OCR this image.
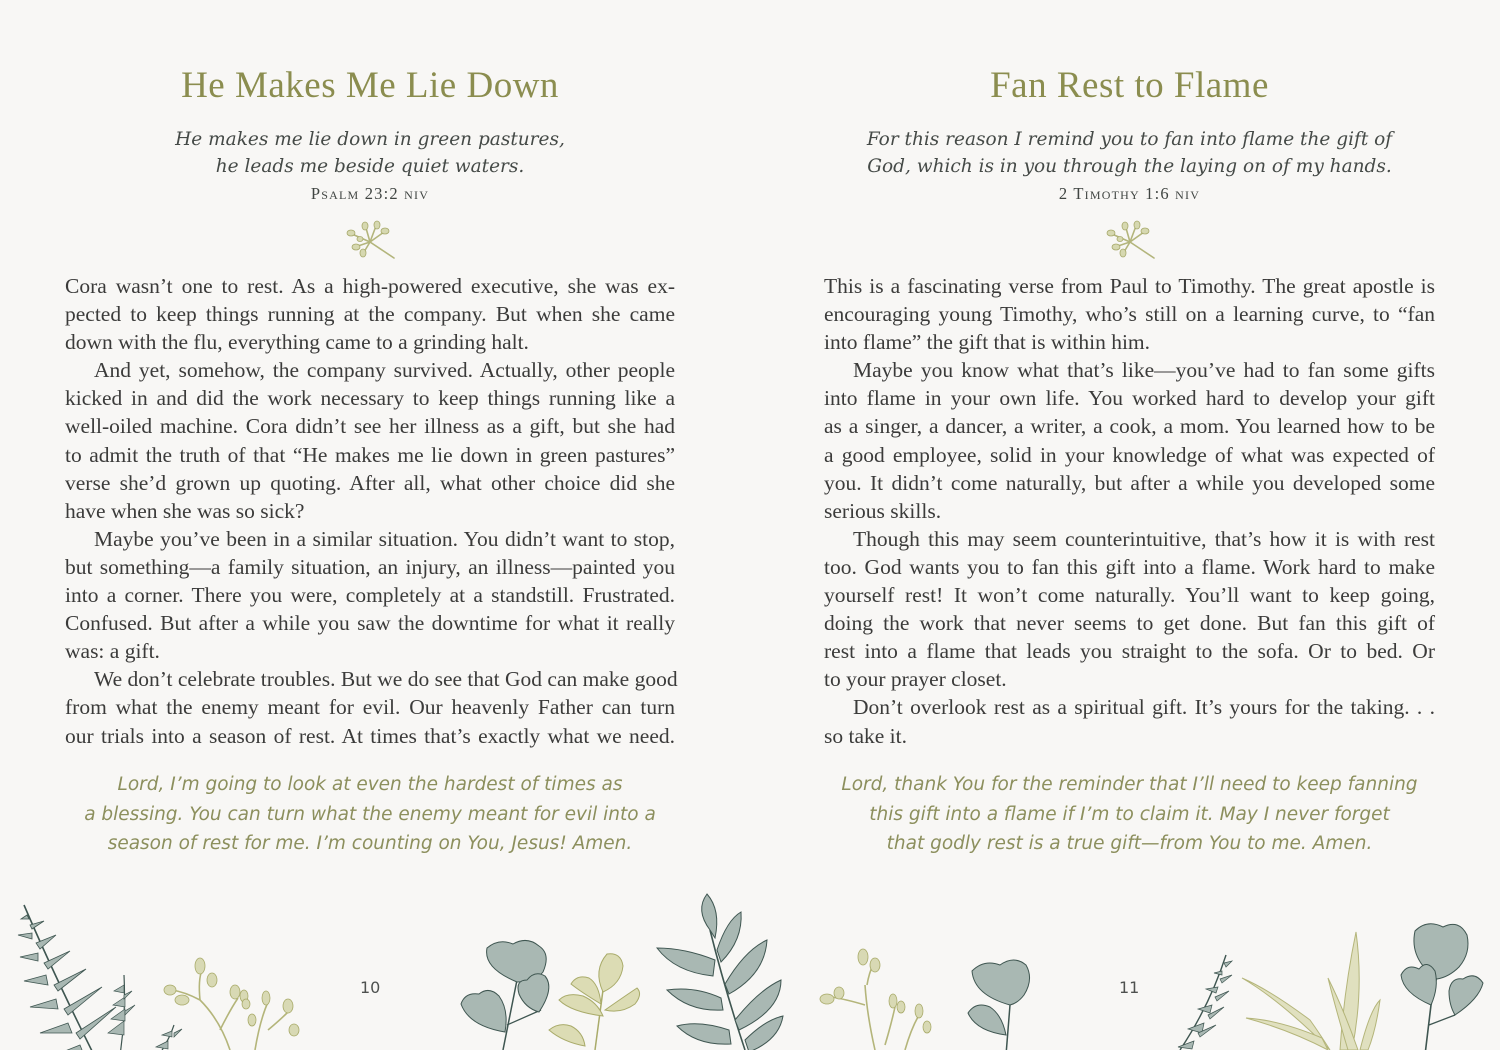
He Makes Me Lie Down
He makes me lie down in green pastures,
he leads me beside quiet waters.
Psalm 23:2 niv
Cora wasn’t one to rest. As a high-powered executive, she was ex-
pected to keep things running at the company. But when she came
down with the flu, everything came to a grinding halt.
And yet, somehow, the company survived. Actually, other people
kicked in and did the work necessary to keep things running like a
well-oiled machine. Cora didn’t see her illness as a gift, but she had
to admit the truth of that “He makes me lie down in green pastures”
verse she’d grown up quoting. After all, what other choice did she
have when she was so sick?
Maybe you’ve been in a similar situation. You didn’t want to stop,
but something—a family situation, an injury, an illness—painted you
into a corner. There you were, completely at a standstill. Frustrated.
Confused. But after a while you saw the downtime for what it really
was: a gift.
We don’t celebrate troubles. But we do see that God can make good
from what the enemy meant for evil. Our heavenly Father can turn
our trials into a season of rest. At times that’s exactly what we need.
Lord, I’m going to look at even the hardest of times as
a blessing. You can turn what the enemy meant for evil into a
season of rest for me. I’m counting on You, Jesus! Amen.
10
Fan Rest to Flame
For this reason I remind you to fan into flame the gift of
God, which is in you through the laying on of my hands.
2 Timothy 1:6 niv
This is a fascinating verse from Paul to Timothy. The great apostle is
encouraging young Timothy, who’s still on a learning curve, to “fan
into flame” the gift that is within him.
Maybe you know what that’s like—you’ve had to fan some gifts
into flame in your own life. You worked hard to develop your gift
as a singer, a dancer, a writer, a cook, a mom. You learned how to be
a good employee, solid in your knowledge of what was expected of
you. It didn’t come naturally, but after a while you developed some
serious skills.
Though this may seem counterintuitive, that’s how it is with rest
too. God wants you to fan this gift into a flame. Work hard to make
yourself rest! It won’t come naturally. You’ll want to keep going,
doing the work that never seems to get done. But fan this gift of
rest into a flame that leads you straight to the sofa. Or to bed. Or
to your prayer closet.
Don’t overlook rest as a spiritual gift. It’s yours for the taking. . .
so take it.
Lord, thank You for the reminder that I’ll need to keep fanning
this gift into a flame if I’m to claim it. May I never forget
that godly rest is a true gift—from You to me. Amen.
11
